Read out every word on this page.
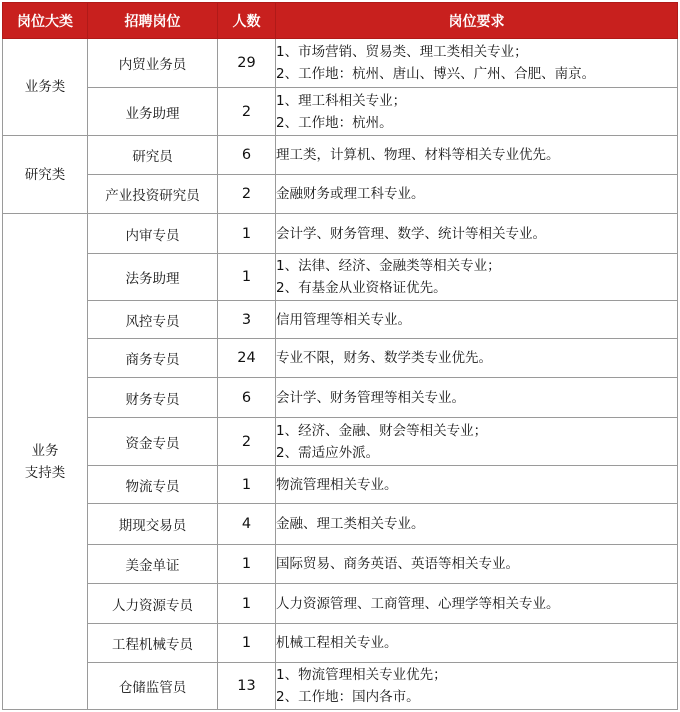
岗位大类	招聘岗位	人数	岗位要求
业务类	内贸业务员	29	1、市场营销、贸易类、理工类相关专业；
2、工作地：杭州、唐山、博兴、广州、合肥、南京。

	业务助理	2	1、理工科相关专业；
2、工作地：杭州。

研究类	研究员	6	理工类，计算机、物理、材料等相关专业优先。

	产业投资研究员	2	金融财务或理工科专业。

业务
支持类	内审专员	1	会计学、财务管理、数学、统计等相关专业。

	法务助理	1	1、法律、经济、金融类等相关专业；
2、有基金从业资格证优先。

	风控专员	3	信用管理等相关专业。

	商务专员	24	专业不限，财务、数学类专业优先。

	财务专员	6	会计学、财务管理等相关专业。

	资金专员	2	1、经济、金融、财会等相关专业；
2、需适应外派。

	物流专员	1	物流管理相关专业。

	期现交易员	4	金融、理工类相关专业。

	美金单证	1	国际贸易、商务英语、英语等相关专业。

	人力资源专员	1	人力资源管理、工商管理、心理学等相关专业。

	工程机械专员	1	机械工程相关专业。

	仓储监管员	13	1、物流管理相关专业优先；
2、工作地：国内各市。
